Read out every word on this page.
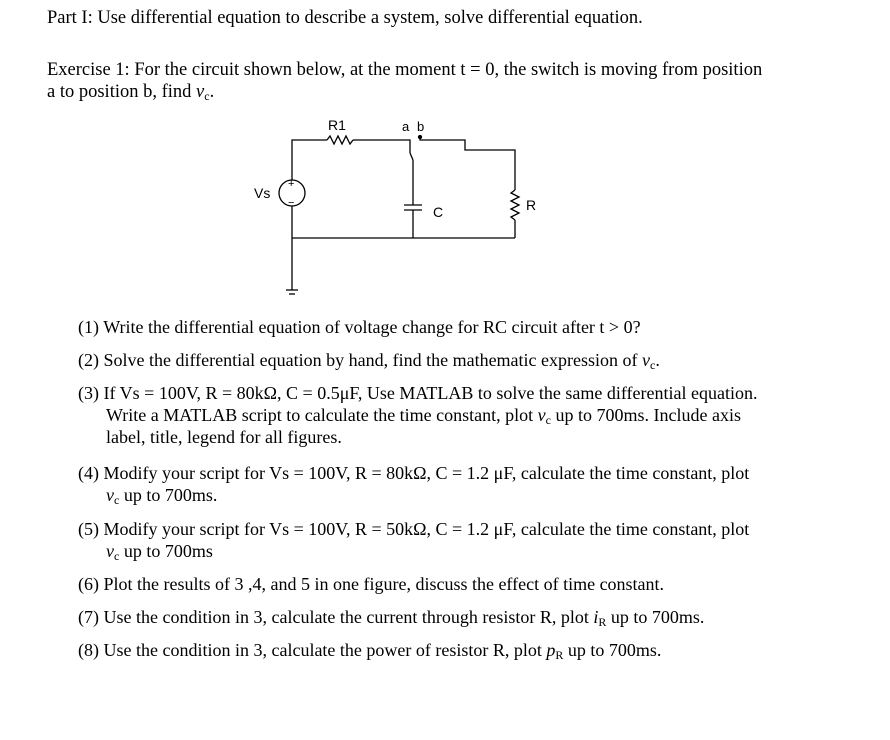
Part I: Use differential equation to describe a system, solve differential equation.
Exercise 1: For the circuit shown below, at the moment t = 0, the switch is moving from position
a to position b, find $v_c$.
R1	a b
Vs
+
−
C	R
(1) Write the differential equation of voltage change for RC circuit after t > 0?
(2) Solve the differential equation by hand, find the mathematic expression of $v_c$.
(3) If Vs = 100V, R = 80kΩ, C = 0.5μF, Use MATLAB to solve the same differential equation.
Write a MATLAB script to calculate the time constant, plot $v_c$ up to 700ms. Include axis
label, title, legend for all figures.
(4) Modify your script for Vs = 100V, R = 80kΩ, C = 1.2 μF, calculate the time constant, plot
$v_c$ up to 700ms.
(5) Modify your script for Vs = 100V, R = 50kΩ, C = 1.2 μF, calculate the time constant, plot
$v_c$ up to 700ms
(6) Plot the results of 3 ,4, and 5 in one figure, discuss the effect of time constant.
(7) Use the condition in 3, calculate the current through resistor R, plot $i_R$ up to 700ms.
(8) Use the condition in 3, calculate the power of resistor R, plot $p_R$ up to 700ms.
